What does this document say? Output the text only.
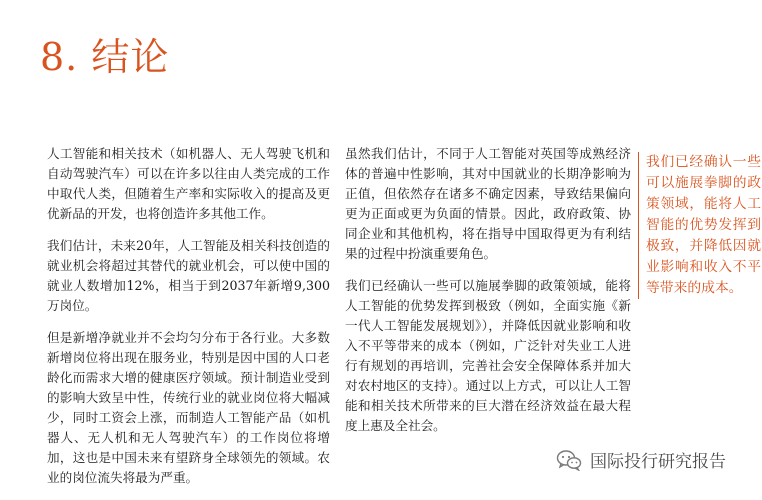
8. 结论

人工智能和相关技术（如机器人、无人驾驶飞机和自动驾驶汽车）可以在许多以往由人类完成的工作中取代人类，但随着生产率和实际收入的提高及更优新品的开发，也将创造许多其他工作。

我们估计，未来20年，人工智能及相关科技创造的就业机会将超过其替代的就业机会，可以使中国的就业人数增加12%，相当于到2037年新增9,300万岗位。

但是新增净就业并不会均匀分布于各行业。大多数新增岗位将出现在服务业，特别是因中国的人口老龄化而需求大增的健康医疗领域。预计制造业受到的影响大致呈中性，传统行业的就业岗位将大幅减少，同时工资会上涨，而制造人工智能产品（如机器人、无人机和无人驾驶汽车）的工作岗位将增加，这也是中国未来有望跻身全球领先的领域。农业的岗位流失将最为严重。

虽然我们估计，不同于人工智能对英国等成熟经济体的普遍中性影响，其对中国就业的长期净影响为正值，但依然存在诸多不确定因素，导致结果偏向更为正面或更为负面的情景。因此，政府政策、协同企业和其他机构，将在指导中国取得更为有利结果的过程中扮演重要角色。

我们已经确认一些可以施展拳脚的政策领域，能将人工智能的优势发挥到极致（例如，全面实施《新一代人工智能发展规划》），并降低因就业影响和收入不平等带来的成本（例如，广泛针对失业工人进行有规划的再培训，完善社会安全保障体系并加大对农村地区的支持）。通过以上方式，可以让人工智能和相关技术所带来的巨大潜在经济效益在最大程度上惠及全社会。

我们已经确认一些可以施展拳脚的政策领域，能将人工智能的优势发挥到极致，并降低因就业影响和收入不平等带来的成本。
国际投行研究报告
